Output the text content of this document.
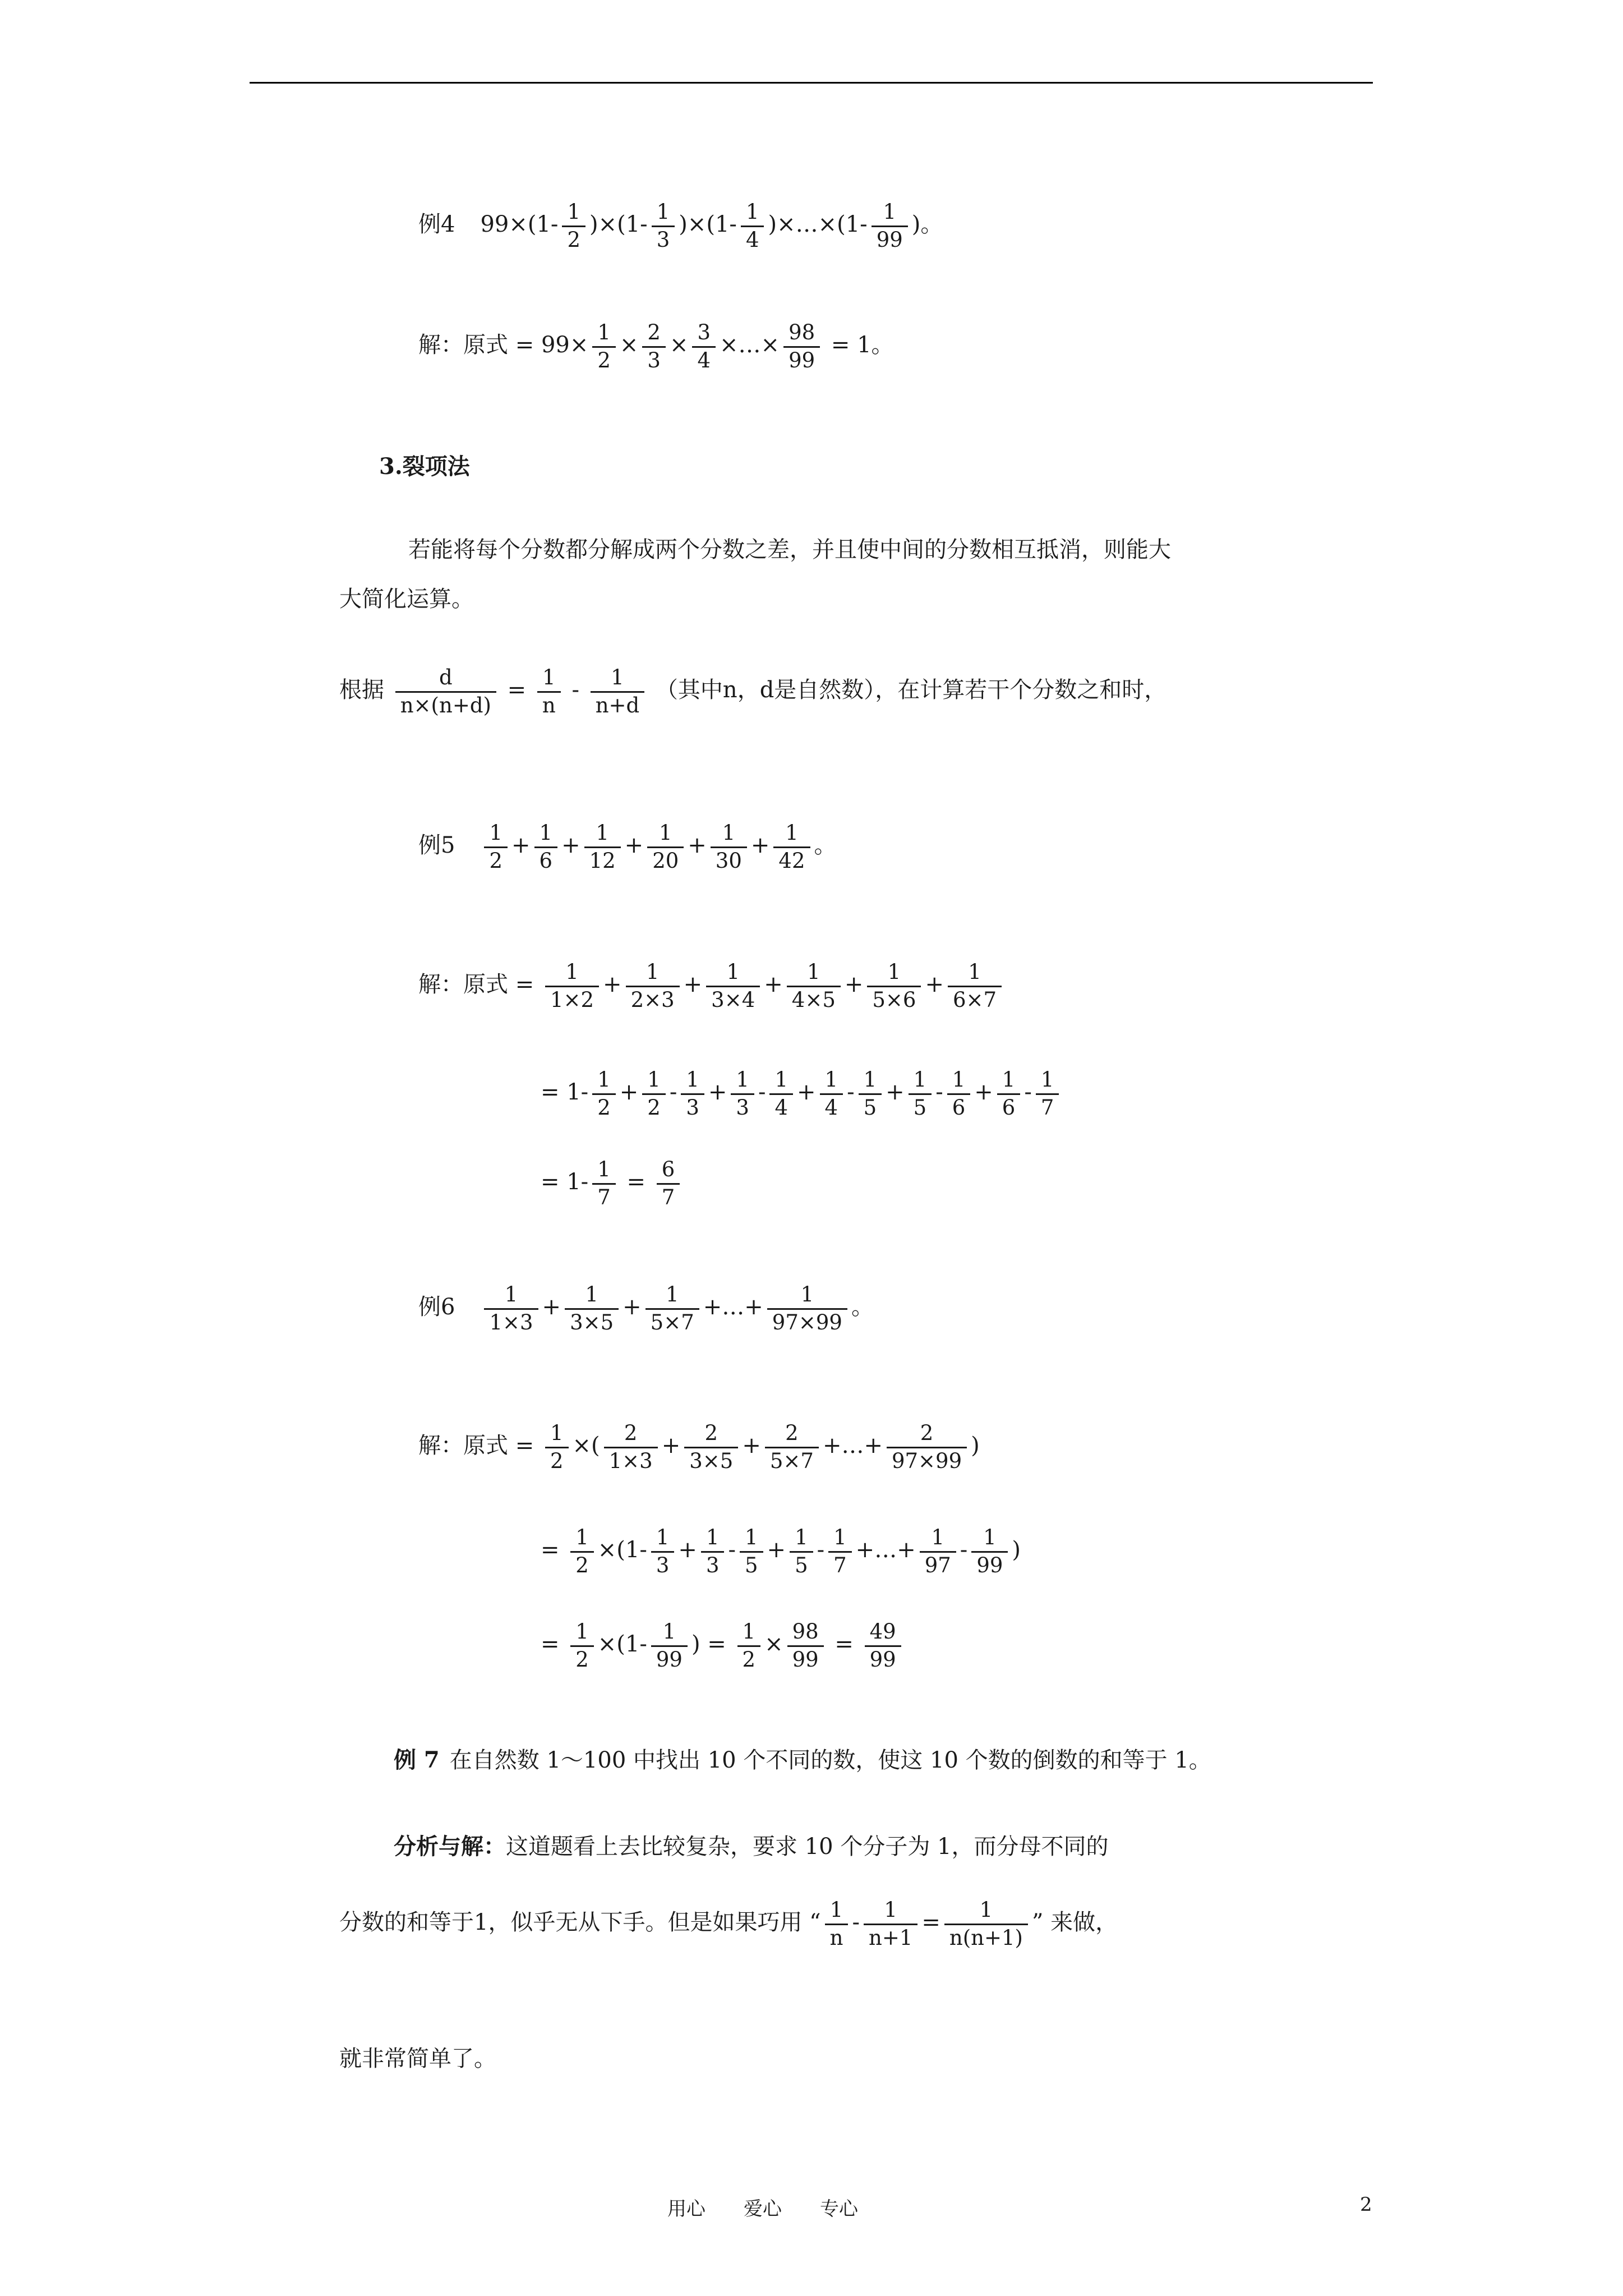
例4 $99\times(1- \frac{1}{2} )\times(1- \frac{1}{3} )\times(1- \frac{1}{4}$ )×…×(1- $\frac{1}{99}$ )。
解：原式 = $99\times \frac{1}{2} \times \frac{2}{3} \times \frac{3}{4}$ ×…× $\frac{98}{99} = 1$。
3.裂项法
若能将每个分数都分解成两个分数之差，并且使中间的分数相互抵消，则能大
大简化运算。
根据 $\frac{d}{n\times(n+d)} = \frac{1}{n} - \frac{1}{n+d}$ （其中n，d是自然数），在计算若干个分数之和时，
例$5 \frac{1}{2} + \frac{1}{6} + \frac{1}{12} + \frac{1}{20} + \frac{1}{30} + \frac{1}{42}$ 。
解：原式 = $\frac{1}{1\times 2} + \frac{1}{2\times 3} + \frac{1}{3\times 4} + \frac{1}{4\times 5} + \frac{1}{5\times 6} + \frac{1}{6\times 7}$
= $1- \frac{1}{2} + \frac{1}{2} - \frac{1}{3} + \frac{1}{3} - \frac{1}{4} + \frac{1}{4} - \frac{1}{5} + \frac{1}{5} - \frac{1}{6} + \frac{1}{6} - \frac{1}{7}$
= $1- \frac{1}{7} = \frac{6}{7}$
例$6 \frac{1}{1\times 3} + \frac{1}{3\times 5} + \frac{1}{5\times 7}$ +…+ $\frac{1}{97\times 99}$ 。
解：原式 = $\frac{1}{2}$ ×( $\frac{2}{1\times 3} + \frac{2}{3\times 5} + \frac{2}{5\times 7}$ +…+ $\frac{2}{97\times 99}$ )
= $\frac{1}{2} \times(1- \frac{1}{3} + \frac{1}{3} - \frac{1}{5} + \frac{1}{5} - \frac{1}{7}$ +…+ $\frac{1}{97} - \frac{1}{99}$ )
= $\frac{1}{2} \times(1- \frac{1}{99}$ ) = $\frac{1}{2} \times \frac{98}{99} = \frac{49}{99}$
例 7 在自然数 1～100 中找出 10 个不同的数，使这 10 个数的倒数的和等于 1。
分析与解：这道题看上去比较复杂，要求 10 个分子为 1，而分母不同的
分数的和等于1，似乎无从下手。但是如果巧用 “ $\frac{1}{n} - \frac{1}{n+1} = \frac{1}{n(n+1)}$ ” 来做，
就非常简单了。
用心　　爱心　　专心	2
